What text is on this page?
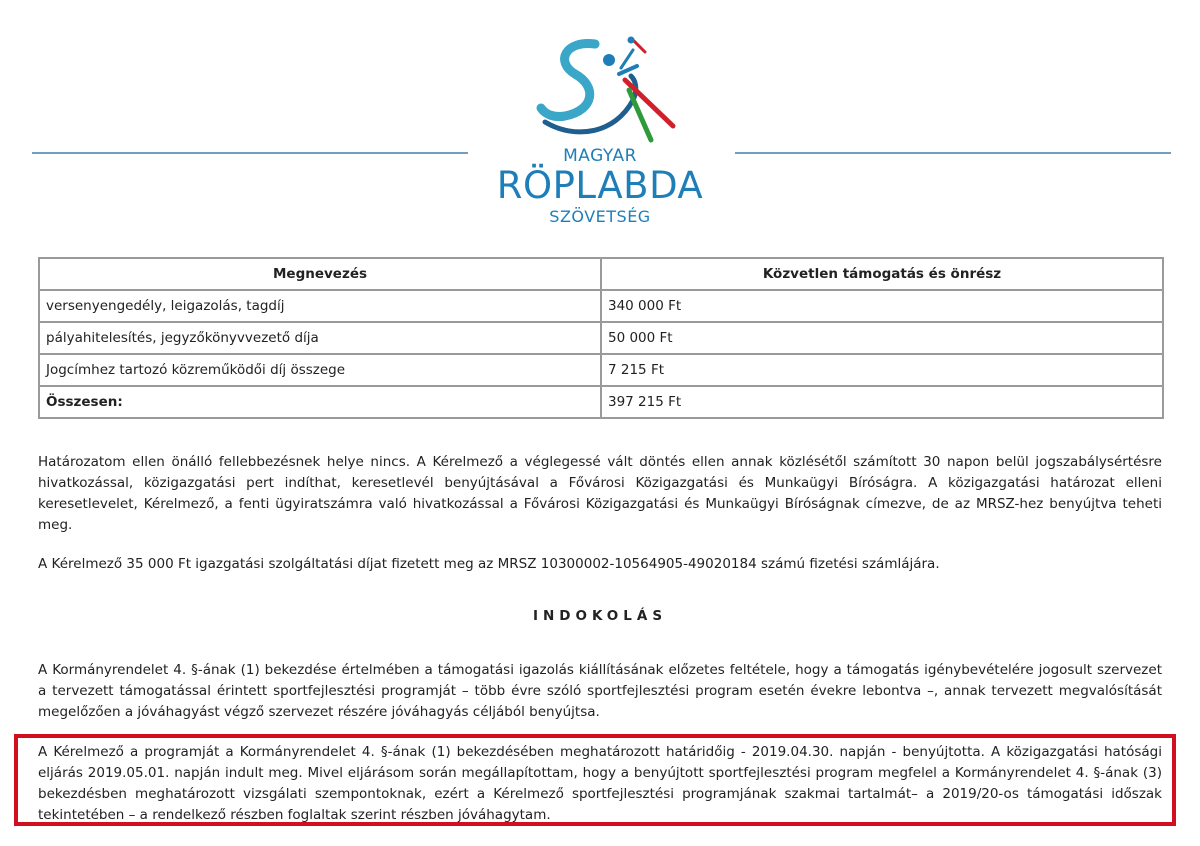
MAGYAR
RÖPLABDA
SZÖVETSÉG
Megnevezés	Közvetlen támogatás és önrész
versenyengedély, leigazolás, tagdíj	340 000 Ft
pályahitelesítés, jegyzőkönyvvezető díja	50 000 Ft
Jogcímhez tartozó közreműködői díj összege	7 215 Ft
Összesen:	397 215 Ft

Határozatom ellen önálló fellebbezésnek helye nincs. A Kérelmező a véglegessé vált döntés ellen annak közlésétől számított 30 napon belül jogszabálysértésre hivatkozással, közigazgatási pert indíthat, keresetlevél benyújtásával a Fővárosi Közigazgatási és Munkaügyi Bíróságra. A közigazgatási határozat elleni keresetlevelet, Kérelmező, a fenti ügyiratszámra való hivatkozással a Fővárosi Közigazgatási és Munkaügyi Bíróságnak címezve, de az MRSZ-hez benyújtva teheti meg.

A Kérelmező 35 000 Ft igazgatási szolgáltatási díjat fizetett meg az MRSZ 10300002-10564905-49020184 számú fizetési számlájára.

INDOKOLÁS

A Kormányrendelet 4. §-ának (1) bekezdése értelmében a támogatási igazolás kiállításának előzetes feltétele, hogy a támogatás igénybevételére jogosult szervezet a tervezett támogatással érintett sportfejlesztési programját – több évre szóló sportfejlesztési program esetén évekre lebontva –, annak tervezett megvalósítását megelőzően a jóváhagyást végző szervezet részére jóváhagyás céljából benyújtsa.

A Kérelmező a programját a Kormányrendelet 4. §-ának (1) bekezdésében meghatározott határidőig - 2019.04.30. napján - benyújtotta. A közigazgatási hatósági eljárás 2019.05.01. napján indult meg. Mivel eljárásom során megállapítottam, hogy a benyújtott sportfejlesztési program megfelel a Kormányrendelet 4. §-ának (3) bekezdésben meghatározott vizsgálati szempontoknak, ezért a Kérelmező sportfejlesztési programjának szakmai tartalmát– a 2019/20-os támogatási időszak tekintetében – a rendelkező részben foglaltak szerint részben jóváhagytam.
